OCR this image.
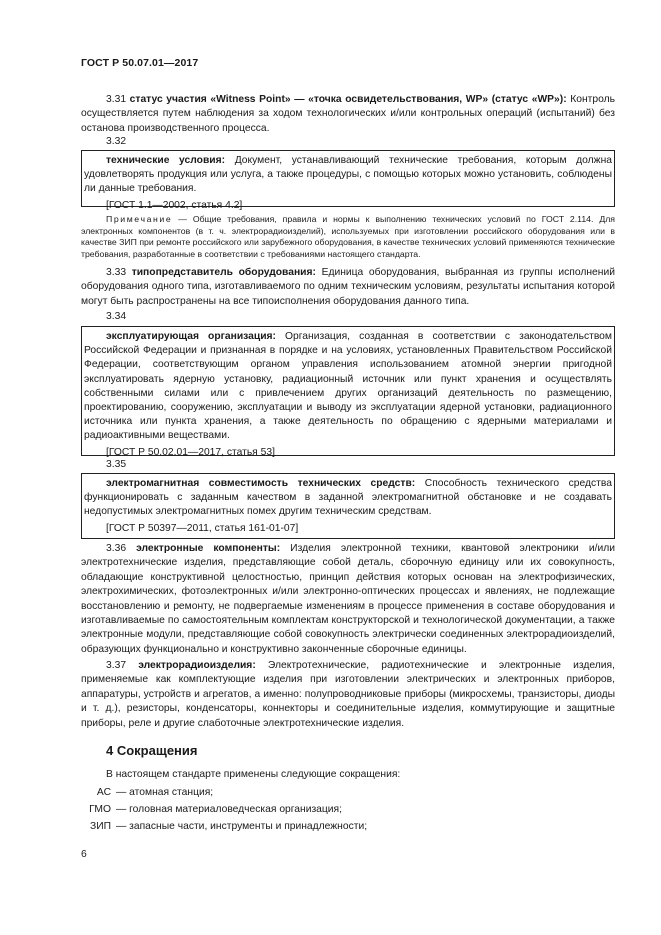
ГОСТ Р 50.07.01—2017

3.31 статус участия «Witness Point» — «точка освидетельствования, WP» (статус «WP»): Контроль осуществляется путем наблюдения за ходом технологических и/или контрольных операций (испытаний) без останова производственного процесса.

3.32

технические условия: Документ, устанавливающий технические требования, которым должна удовлетворять продукция или услуга, а также процедуры, с помощью которых можно установить, соблюдены ли данные требования.

[ГОСТ 1.1—2002, статья 4.2]

Примечание — Общие требования, правила и нормы к выполнению технических условий по ГОСТ 2.114. Для электронных компонентов (в т. ч. электрорадиоизделий), используемых при изготовлении российского оборудования или в качестве ЗИП при ремонте российского или зарубежного оборудования, в качестве технических условий применяются технические требования, разработанные в соответствии с требованиями настоящего стандарта.

3.33 типопредставитель оборудования: Единица оборудования, выбранная из группы исполнений оборудования одного типа, изготавливаемого по одним техническим условиям, результаты испытания которой могут быть распространены на все типоисполнения оборудования данного типа.

3.34

эксплуатирующая организация: Организация, созданная в соответствии с законодательством Российской Федерации и признанная в порядке и на условиях, установленных Правительством Российской Федерации, соответствующим органом управления использованием атомной энергии пригодной эксплуатировать ядерную установку, радиационный источник или пункт хранения и осуществлять собственными силами или с привлечением других организаций деятельность по размещению, проектированию, сооружению, эксплуатации и выводу из эксплуатации ядерной установки, радиационного источника или пункта хранения, а также деятельность по обращению с ядерными материалами и радиоактивными веществами.

[ГОСТ Р 50.02.01—2017, статья 53]

3.35

электромагнитная совместимость технических средств: Способность технического средства функционировать с заданным качеством в заданной электромагнитной обстановке и не создавать недопустимых электромагнитных помех другим техническим средствам.

[ГОСТ Р 50397—2011, статья 161-01-07]

3.36 электронные компоненты: Изделия электронной техники, квантовой электроники и/или электротехнические изделия, представляющие собой деталь, сборочную единицу или их совокупность, обладающие конструктивной целостностью, принцип действия которых основан на электрофизических, электрохимических, фотоэлектронных и/или электронно-оптических процессах и явлениях, не подлежащие восстановлению и ремонту, не подвергаемые изменениям в процессе применения в составе оборудования и изготавливаемые по самостоятельным комплектам конструкторской и технологической документации, а также электронные модули, представляющие собой совокупность электрически соединенных электрорадиоизделий, образующих функционально и конструктивно законченные сборочные единицы.

3.37 электрорадиоизделия: Электротехнические, радиотехнические и электронные изделия, применяемые как комплектующие изделия при изготовлении электрических и электронных приборов, аппаратуры, устройств и агрегатов, а именно: полупроводниковые приборы (микросхемы, транзисторы, диоды и т. д.), резисторы, конденсаторы, коннекторы и соединительные изделия, коммутирующие и защитные приборы, реле и другие слаботочные электротехнические изделия.

4 Сокращения
В настоящем стандарте применены следующие сокращения:
АС — атомная станция;
ГМО — головная материаловедческая организация;
ЗИП — запасные части, инструменты и принадлежности;
6
